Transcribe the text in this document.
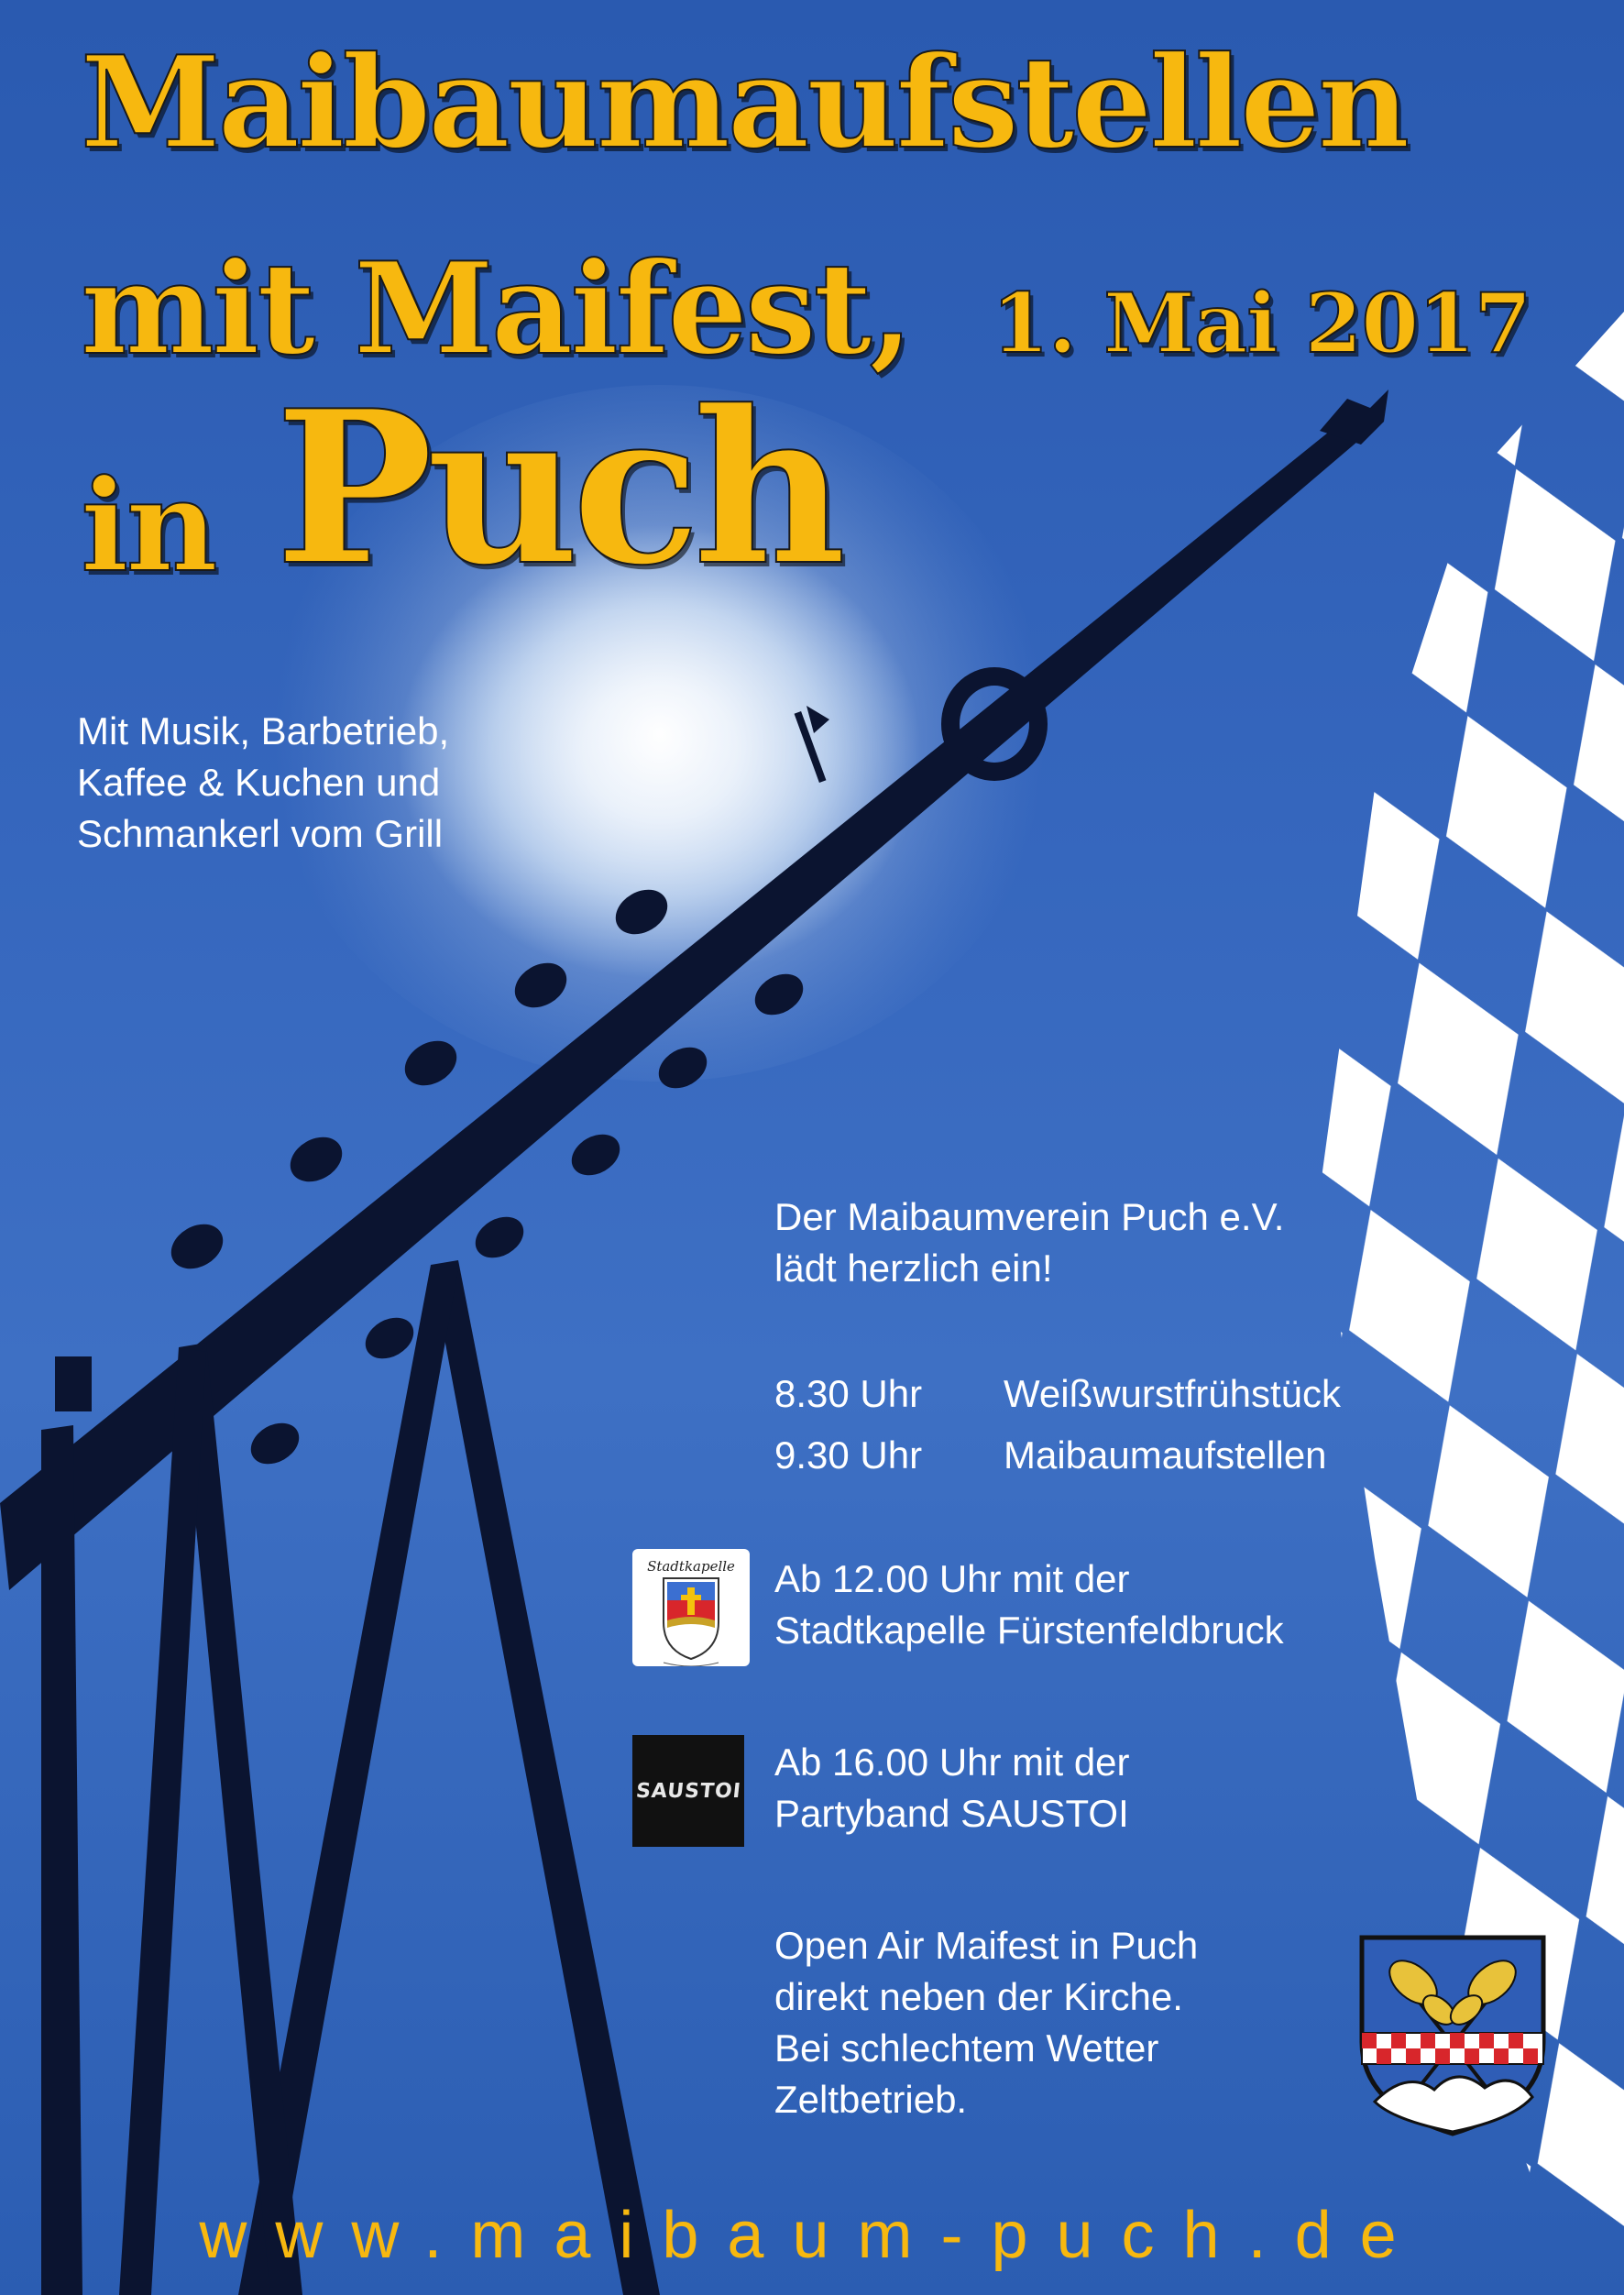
Maibaumaufstellen
mit Maifest, 1. Mai 2017
in Puch

Mit Musik, Barbetrieb,
Kaffee & Kuchen und
Schmankerl vom Grill

Der Maibaumverein Puch e.V.
lädt herzlich ein!

8.30 Uhr Weißwurstfrühstück
9.30 Uhr Maibaumaufstellen
Stadtkapelle Ab 12.00 Uhr mit der
Stadtkapelle Fürstenfeldbruck

SAUSTOI

Ab 16.00 Uhr mit der
Partyband SAUSTOI

Open Air Maifest in Puch
direkt neben der Kirche.
Bei schlechtem Wetter
Zeltbetrieb.

www.maibaum-puch.de
